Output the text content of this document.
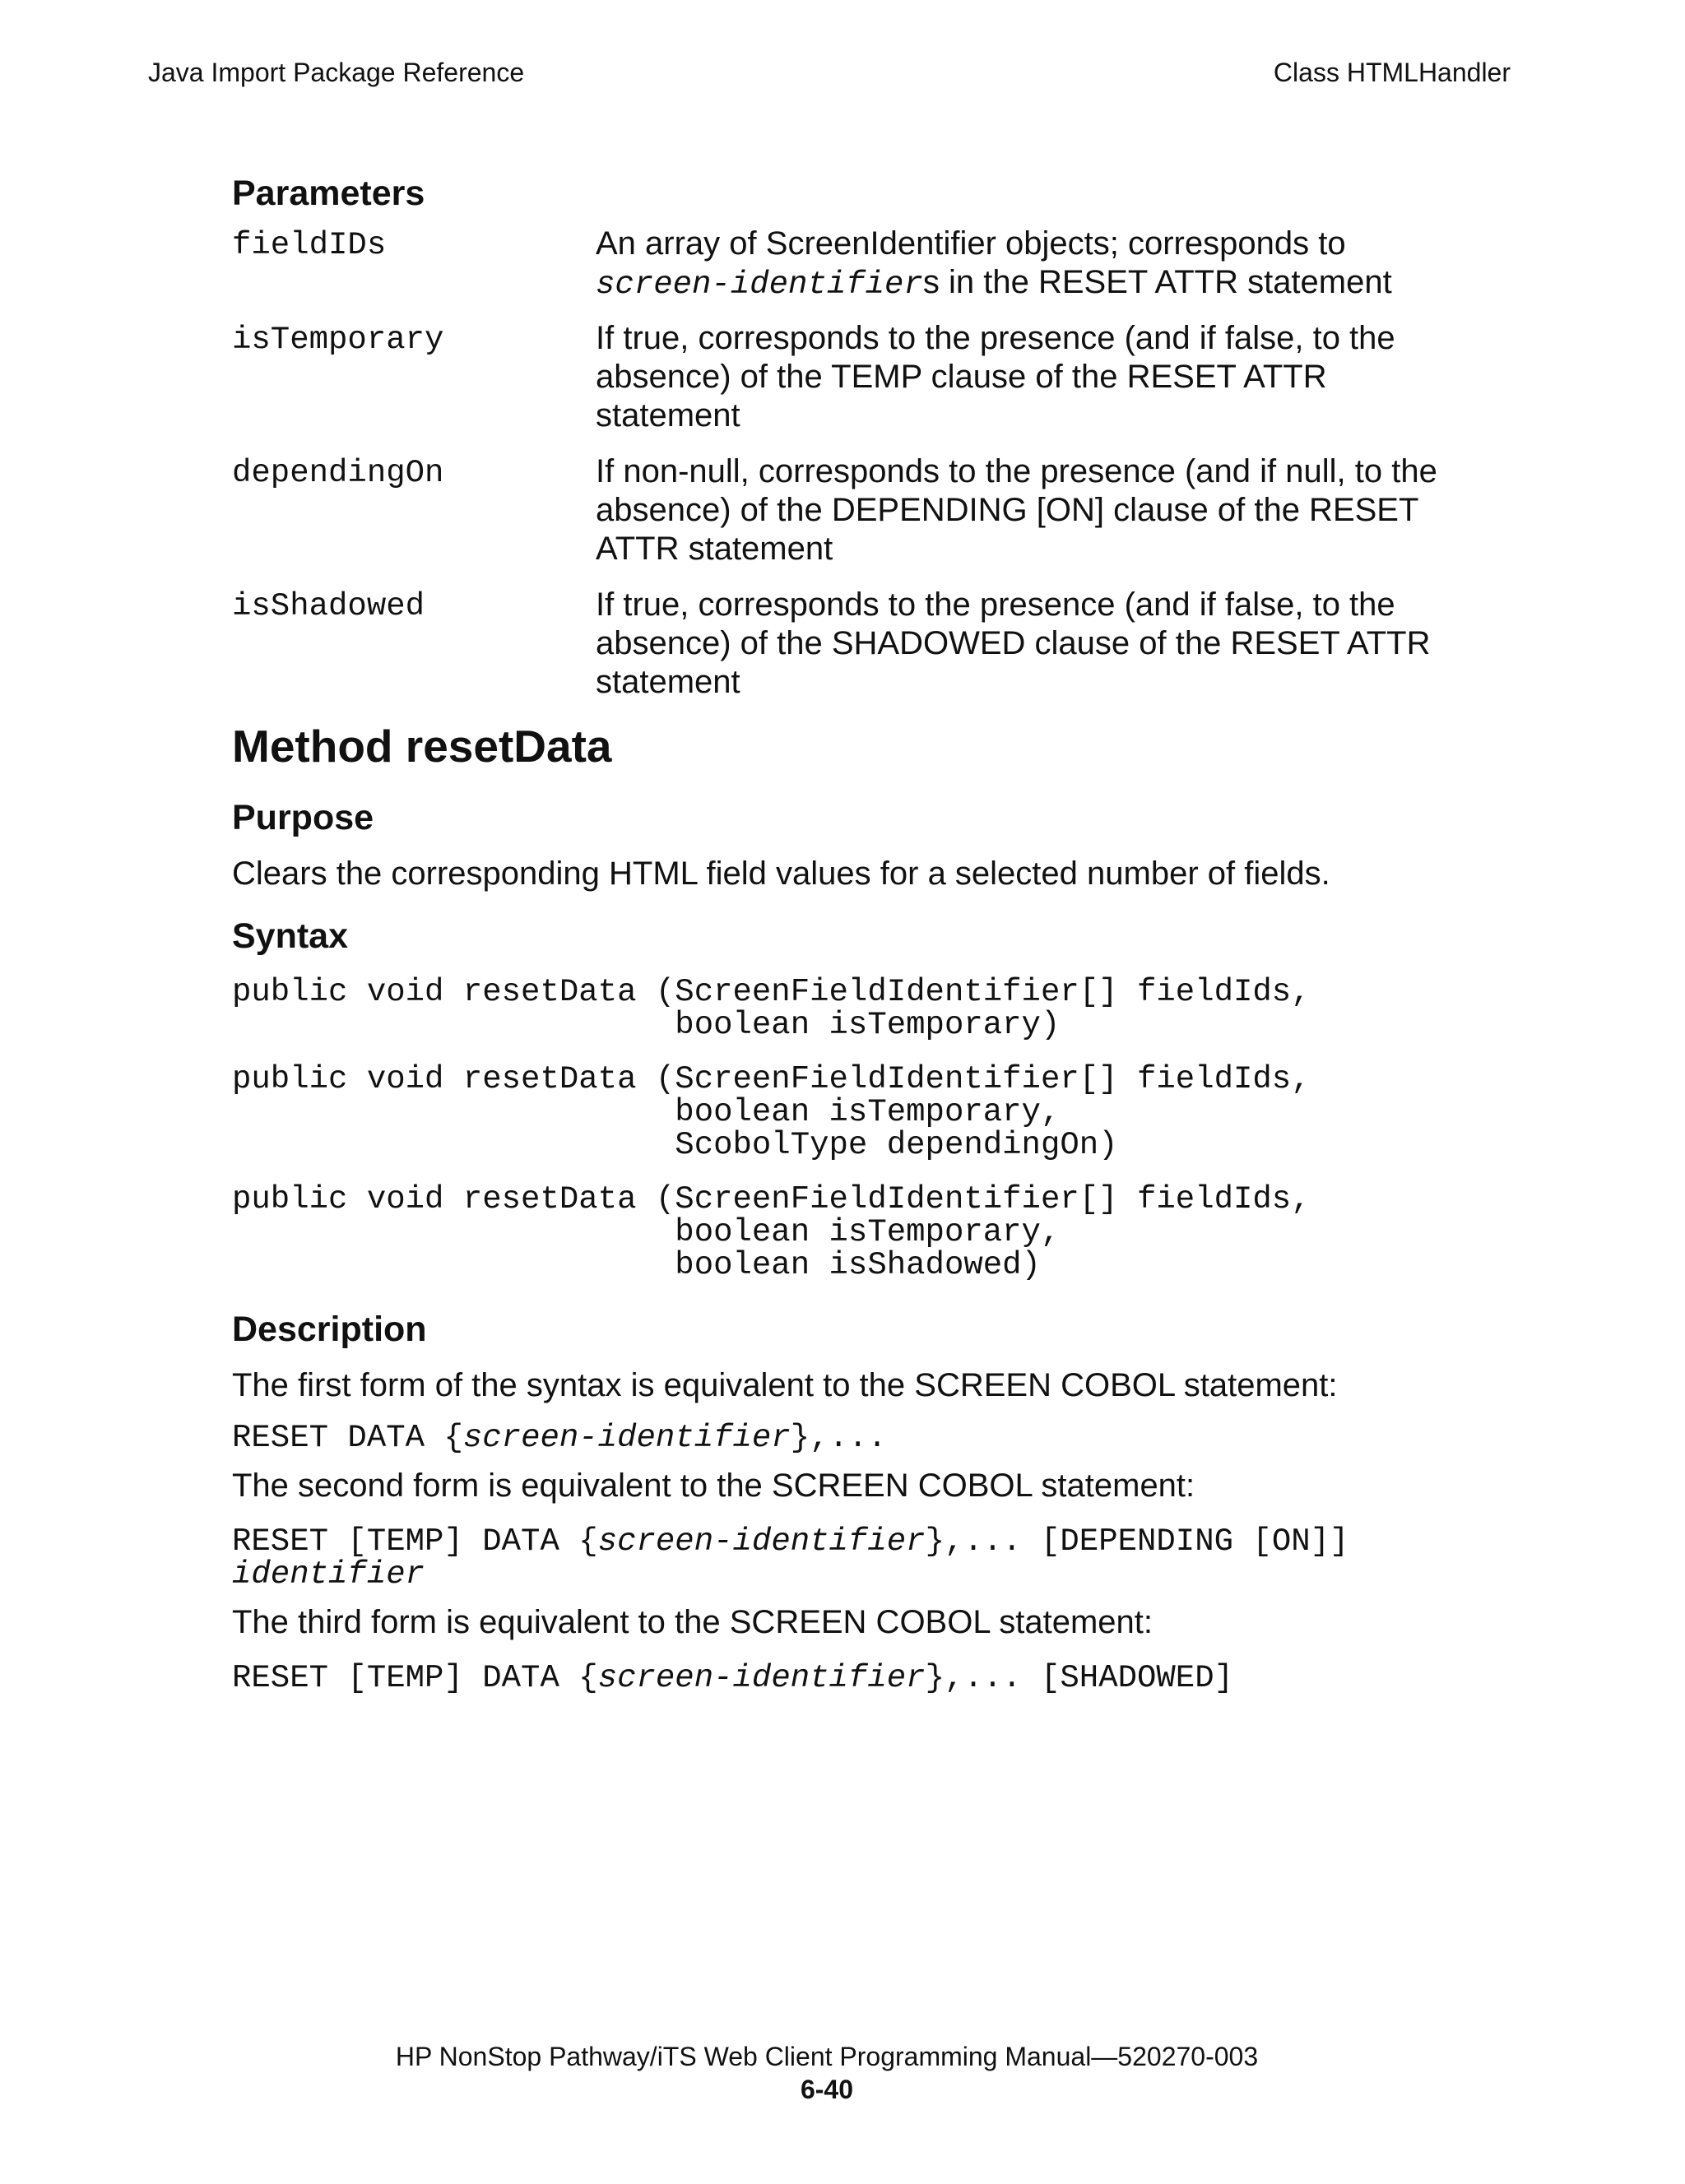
Java Import Package Reference	Class HTMLHandler
Parameters
fieldIDs	An array of ScreenIdentifier objects; corresponds to
screen-identifiers in the RESET ATTR statement
isTemporary	If true, corresponds to the presence (and if false, to the absence) of the TEMP clause of the RESET ATTR statement
dependingOn	If non-null, corresponds to the presence (and if null, to the absence) of the DEPENDING [ON] clause of the RESET ATTR statement
isShadowed	If true, corresponds to the presence (and if false, to the absence) of the SHADOWED clause of the RESET ATTR statement
Method resetData
Purpose

Clears the corresponding HTML field values for a selected number of fields.

Syntax
public void resetData (ScreenFieldIdentifier[] fieldIds,
boolean isTemporary)
public void resetData (ScreenFieldIdentifier[] fieldIds,
boolean isTemporary,
ScobolType dependingOn)
public void resetData (ScreenFieldIdentifier[] fieldIds,
boolean isTemporary,
boolean isShadowed)
Description

The first form of the syntax is equivalent to the SCREEN COBOL statement:

RESET DATA {screen-identifier},...

The second form is equivalent to the SCREEN COBOL statement:

RESET [TEMP] DATA {screen-identifier},... [DEPENDING [ON]]
identifier

The third form is equivalent to the SCREEN COBOL statement:

RESET [TEMP] DATA {screen-identifier},... [SHADOWED]
HP NonStop Pathway/iTS Web Client Programming Manual—520270-003
6-40
